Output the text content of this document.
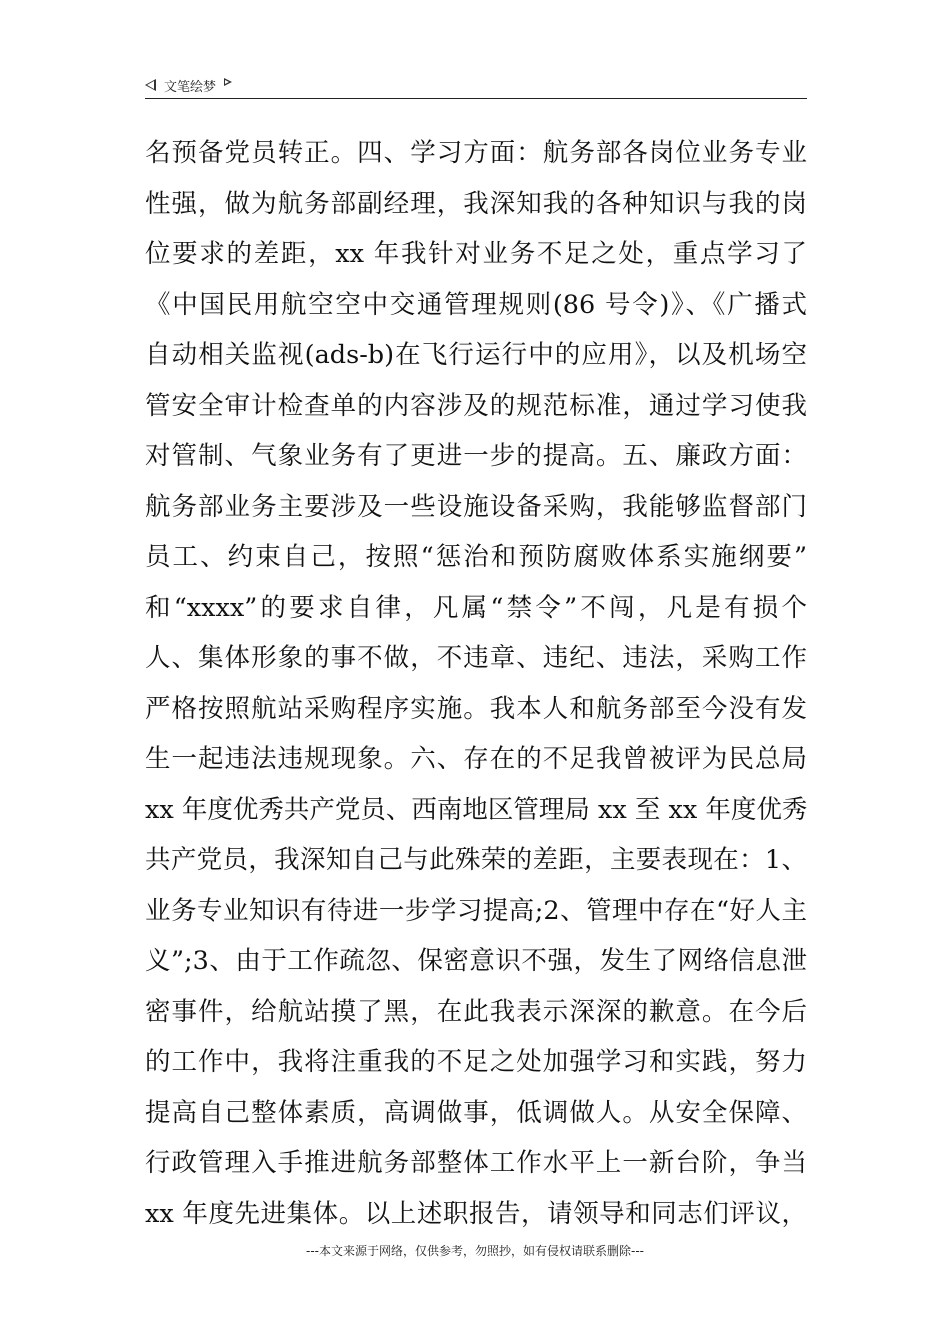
文笔绘梦
名预备党员转正。四、学习方面：航务部各岗位业务专业
性强，做为航务部副经理，我深知我的各种知识与我的岗
位要求的差距，xx 年我针对业务不足之处，重点学习了
《中国民用航空空中交通管理规则(86 号令)》、《广播式
自动相关监视(ads-b)在飞行运行中的应用》，以及机场空
管安全审计检查单的内容涉及的规范标准，通过学习使我
对管制、气象业务有了更进一步的提高。五、廉政方面：
航务部业务主要涉及一些设施设备采购，我能够监督部门
员工、约束自己，按照“惩治和预防腐败体系实施纲要”
和“xxxx”的要求自律，凡属“禁令”不闯，凡是有损个
人、集体形象的事不做，不违章、违纪、违法，采购工作
严格按照航站采购程序实施。我本人和航务部至今没有发
生一起违法违规现象。六、存在的不足我曾被评为民总局
xx 年度优秀共产党员、西南地区管理局 xx 至 xx 年度优秀
共产党员，我深知自己与此殊荣的差距，主要表现在：1、
业务专业知识有待进一步学习提高;2、管理中存在“好人主
义”;3、由于工作疏忽、保密意识不强，发生了网络信息泄
密事件，给航站摸了黑，在此我表示深深的歉意。在今后
的工作中，我将注重我的不足之处加强学习和实践，努力
提高自己整体素质，高调做事，低调做人。从安全保障、
行政管理入手推进航务部整体工作水平上一新台阶，争当
xx 年度先进集体。以上述职报告，请领导和同志们评议，
---本文来源于网络，仅供参考，勿照抄，如有侵权请联系删除---
